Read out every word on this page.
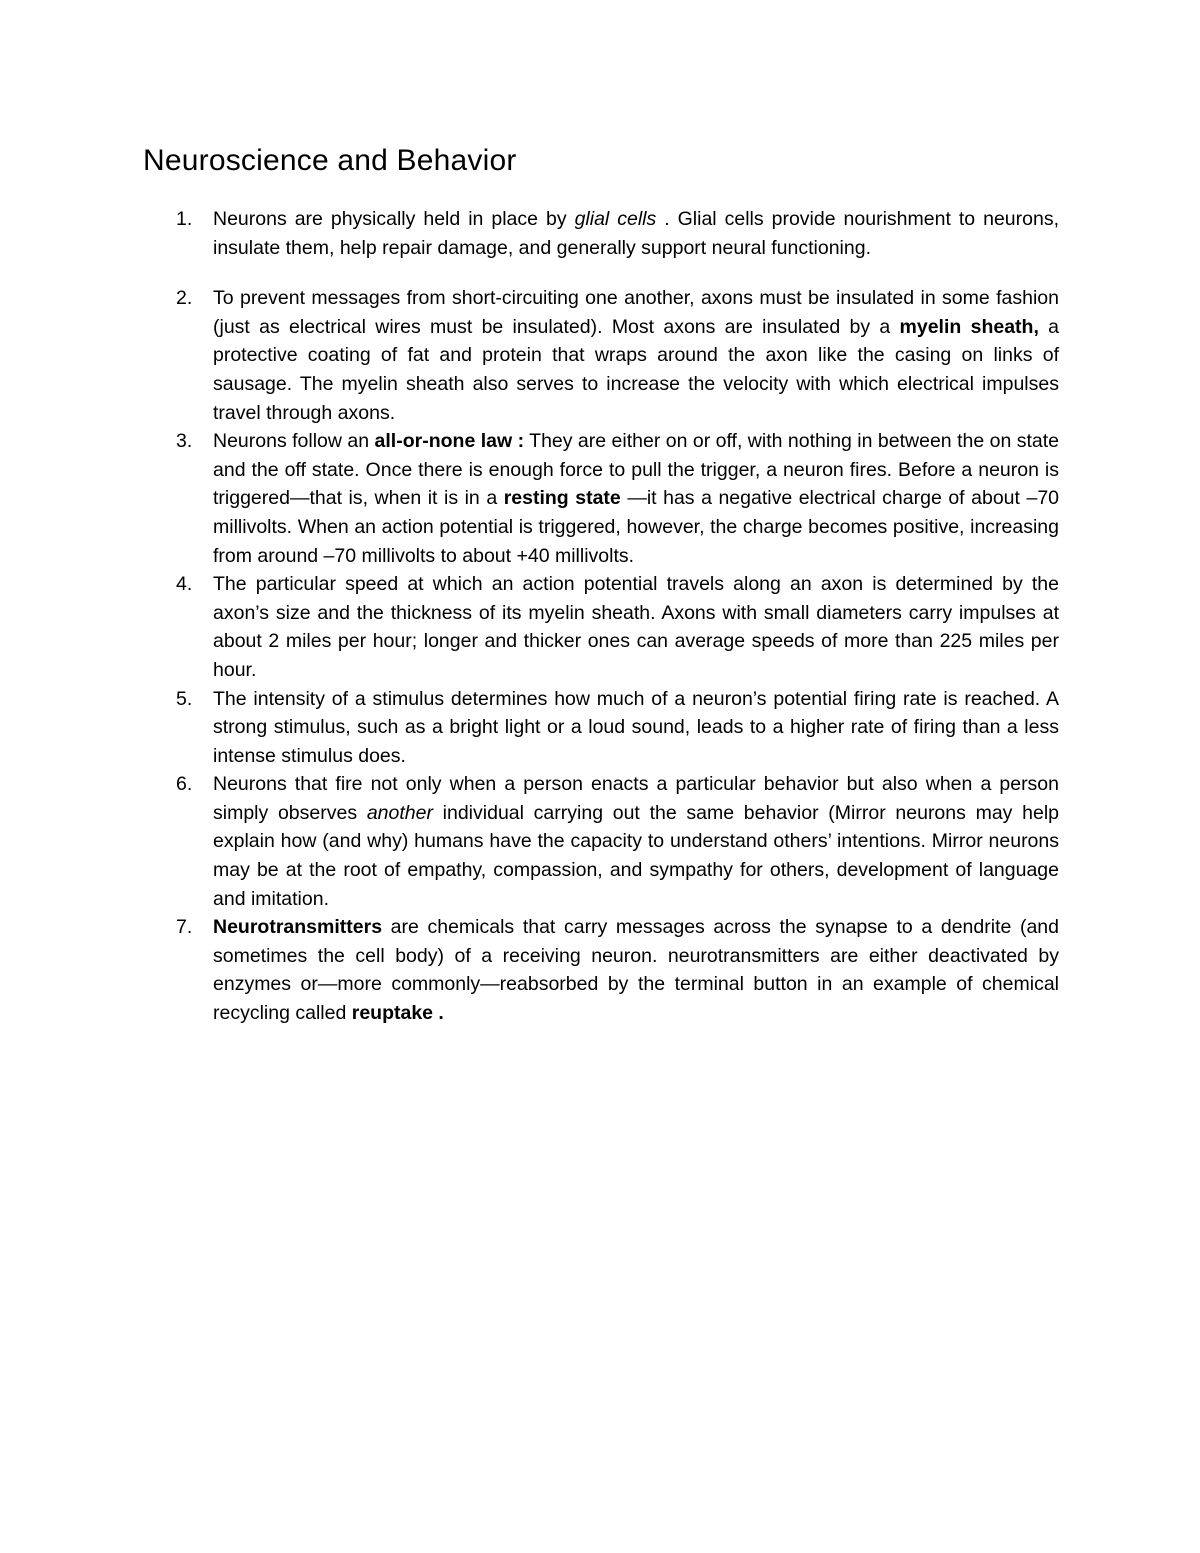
Neuroscience and Behavior
1. Neurons are physically held in place by glial cells . Glial cells provide nourishment to neurons, insulate them, help repair damage, and generally support neural functioning.
2. To prevent messages from short-circuiting one another, axons must be insulated in some fashion (just as electrical wires must be insulated). Most axons are insulated by a myelin sheath, a protective coating of fat and protein that wraps around the axon like the casing on links of sausage. The myelin sheath also serves to increase the velocity with which electrical impulses travel through axons.
3. Neurons follow an all-or-none law : They are either on or off, with nothing in between the on state and the off state. Once there is enough force to pull the trigger, a neuron fires. Before a neuron is triggered—that is, when it is in a resting state —it has a negative electrical charge of about –70 millivolts. When an action potential is triggered, however, the charge becomes positive, increasing from around –70 millivolts to about +40 millivolts.
4. The particular speed at which an action potential travels along an axon is determined by the axon’s size and the thickness of its myelin sheath. Axons with small diameters carry impulses at about 2 miles per hour; longer and thicker ones can average speeds of more than 225 miles per hour.
5. The intensity of a stimulus determines how much of a neuron’s potential firing rate is reached. A strong stimulus, such as a bright light or a loud sound, leads to a higher rate of firing than a less intense stimulus does.
6. Neurons that fire not only when a person enacts a particular behavior but also when a person simply observes another individual carrying out the same behavior (Mirror neurons may help explain how (and why) humans have the capacity to understand others’ intentions. Mirror neurons may be at the root of empathy, compassion, and sympathy for others, development of language and imitation.
7. Neurotransmitters are chemicals that carry messages across the synapse to a dendrite (and sometimes the cell body) of a receiving neuron. neurotransmitters are either deactivated by enzymes or—more commonly—reabsorbed by the terminal button in an example of chemical recycling called reuptake .
